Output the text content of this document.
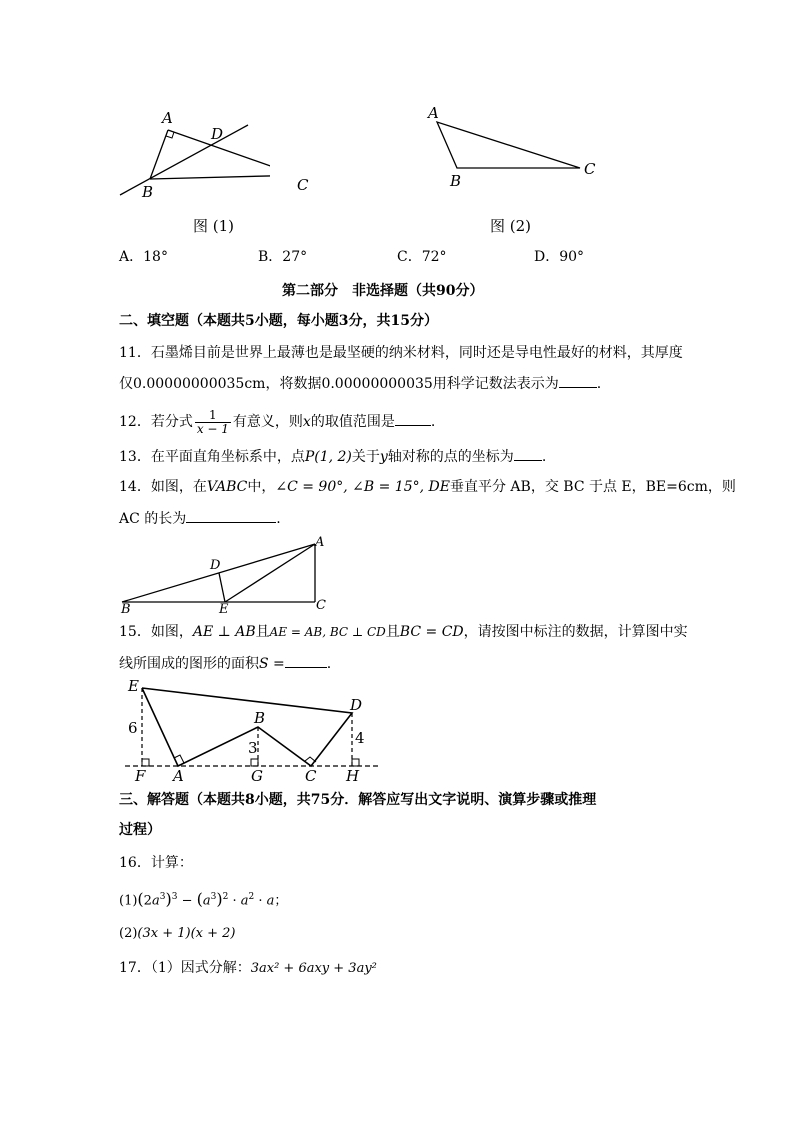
A
B
D
C
图 (1)
A
B
C
图 (2)
A．18°	B．27°	C．72°	D．90°
第二部分　非选择题（共90分）
二、填空题（本题共5小题，每小题3分，共15分）
11．石墨烯目前是世界上最薄也是最坚硬的纳米材料，同时还是导电性最好的材料，其厚度
仅0.00000000035cm，将数据0.00000000035用科学记数法表示为	.
12．若分式 $\frac{1}{x - 1}$ 有意义，则x的取值范围是	.
13．在平面直角坐标系中，点P(1, 2)关于y轴对称的点的坐标为 .
14．如图，在VABC中，∠C = 90°, ∠B = 15°, DE垂直平分 AB，交 BC 于点 E，BE=6cm，则
AC 的长为	.
A
B	C
D
E
15．如图，AE ⊥ AB且AE = AB, BC ⊥ CD且BC = CD，请按图中标注的数据，计算图中实
线所围成的图形的面积S =	.
E
F A
B
G	C H
D
6
3
4
三、解答题（本题共8小题，共75分．解答应写出文字说明、演算步骤或推理
过程）
16．计算：
$(1)(2a^3)^3 - (a^3)^2 \cdot a^2 \cdot a$；
(2)(3x + 1)(x + 2)
17．（1）因式分解：3ax² + 6axy + 3ay²
